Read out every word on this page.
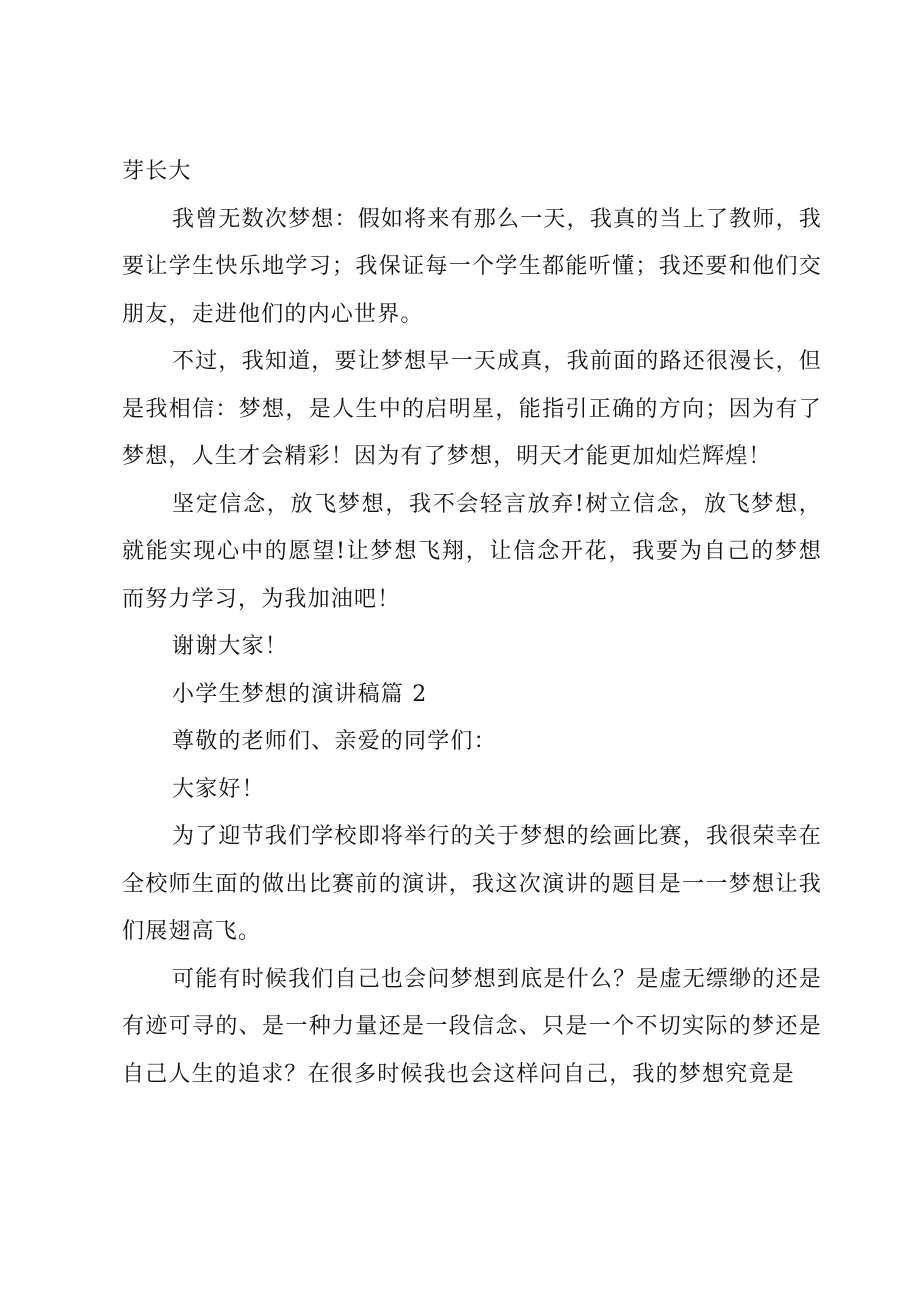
芽长大

我曾无数次梦想：假如将来有那么一天，我真的当上了教师，我要让学生快乐地学习；我保证每一个学生都能听懂；我还要和他们交朋友，走进他们的内心世界。

不过，我知道，要让梦想早一天成真，我前面的路还很漫长，但是我相信：梦想，是人生中的启明星，能指引正确的方向；因为有了梦想，人生才会精彩！因为有了梦想，明天才能更加灿烂辉煌！

坚定信念，放飞梦想，我不会轻言放弃!树立信念，放飞梦想，就能实现心中的愿望!让梦想飞翔，让信念开花，我要为自己的梦想而努力学习，为我加油吧！

谢谢大家！

小学生梦想的演讲稿篇 2

尊敬的老师们、亲爱的同学们：

大家好！

为了迎节我们学校即将举行的关于梦想的绘画比赛，我很荣幸在全校师生面的做出比赛前的演讲，我这次演讲的题目是一一梦想让我们展翅高飞。

可能有时候我们自己也会问梦想到底是什么？是虚无缥缈的还是有迹可寻的、是一种力量还是一段信念、只是一个不切实际的梦还是自己人生的追求？在很多时候我也会这样问自己，我的梦想究竟是
